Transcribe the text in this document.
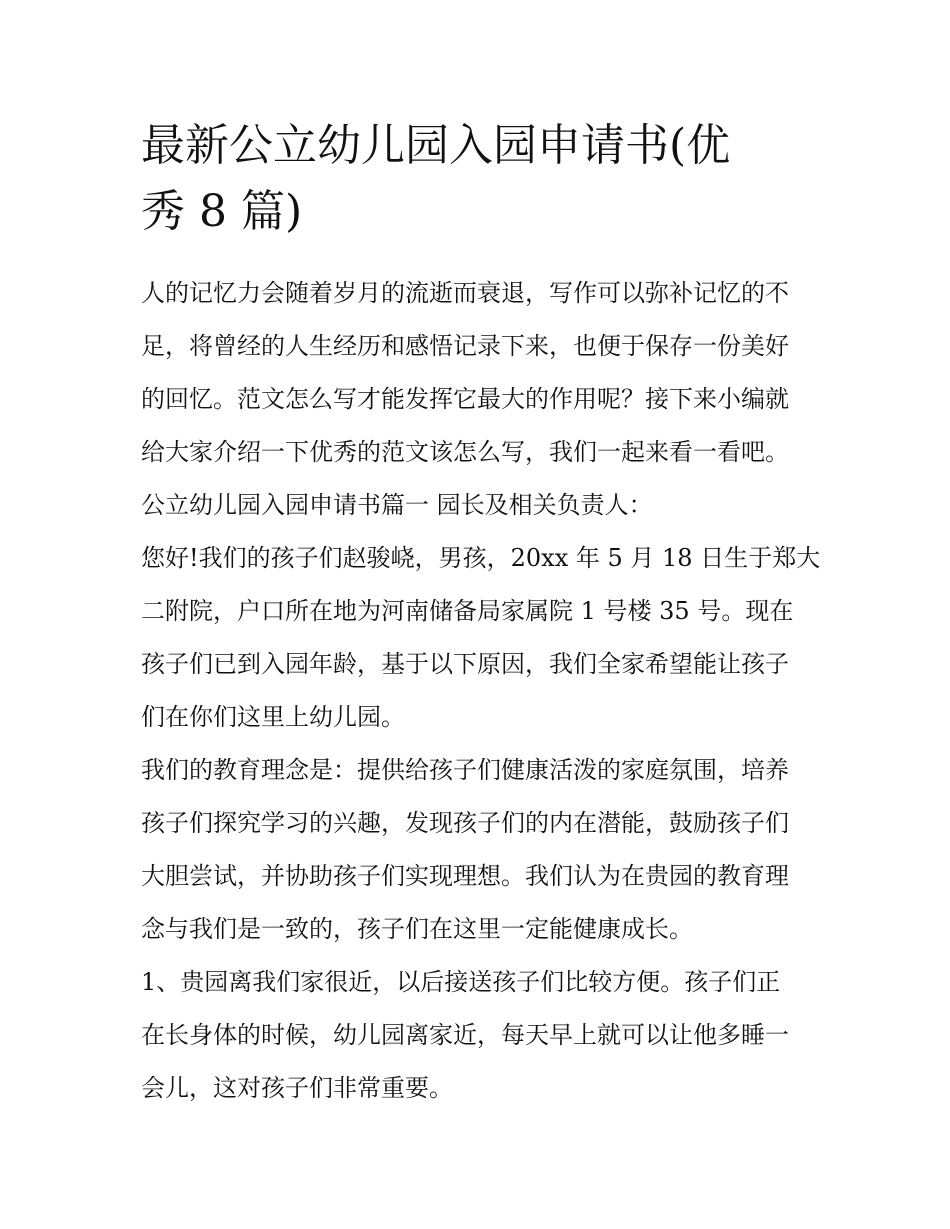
最新公立幼儿园入园申请书(优
秀 8 篇)
人的记忆力会随着岁月的流逝而衰退，写作可以弥补记忆的不
足，将曾经的人生经历和感悟记录下来，也便于保存一份美好
的回忆。范文怎么写才能发挥它最大的作用呢？接下来小编就
给大家介绍一下优秀的范文该怎么写，我们一起来看一看吧。
公立幼儿园入园申请书篇一 园长及相关负责人：
您好!我们的孩子们赵骏峣，男孩，20xx 年 5 月 18 日生于郑大
二附院，户口所在地为河南储备局家属院 1 号楼 35 号。现在
孩子们已到入园年龄，基于以下原因，我们全家希望能让孩子
们在你们这里上幼儿园。
我们的教育理念是：提供给孩子们健康活泼的家庭氛围，培养
孩子们探究学习的兴趣，发现孩子们的内在潜能，鼓励孩子们
大胆尝试，并协助孩子们实现理想。我们认为在贵园的教育理
念与我们是一致的，孩子们在这里一定能健康成长。
1、贵园离我们家很近，以后接送孩子们比较方便。孩子们正
在长身体的时候，幼儿园离家近，每天早上就可以让他多睡一
会儿，这对孩子们非常重要。
